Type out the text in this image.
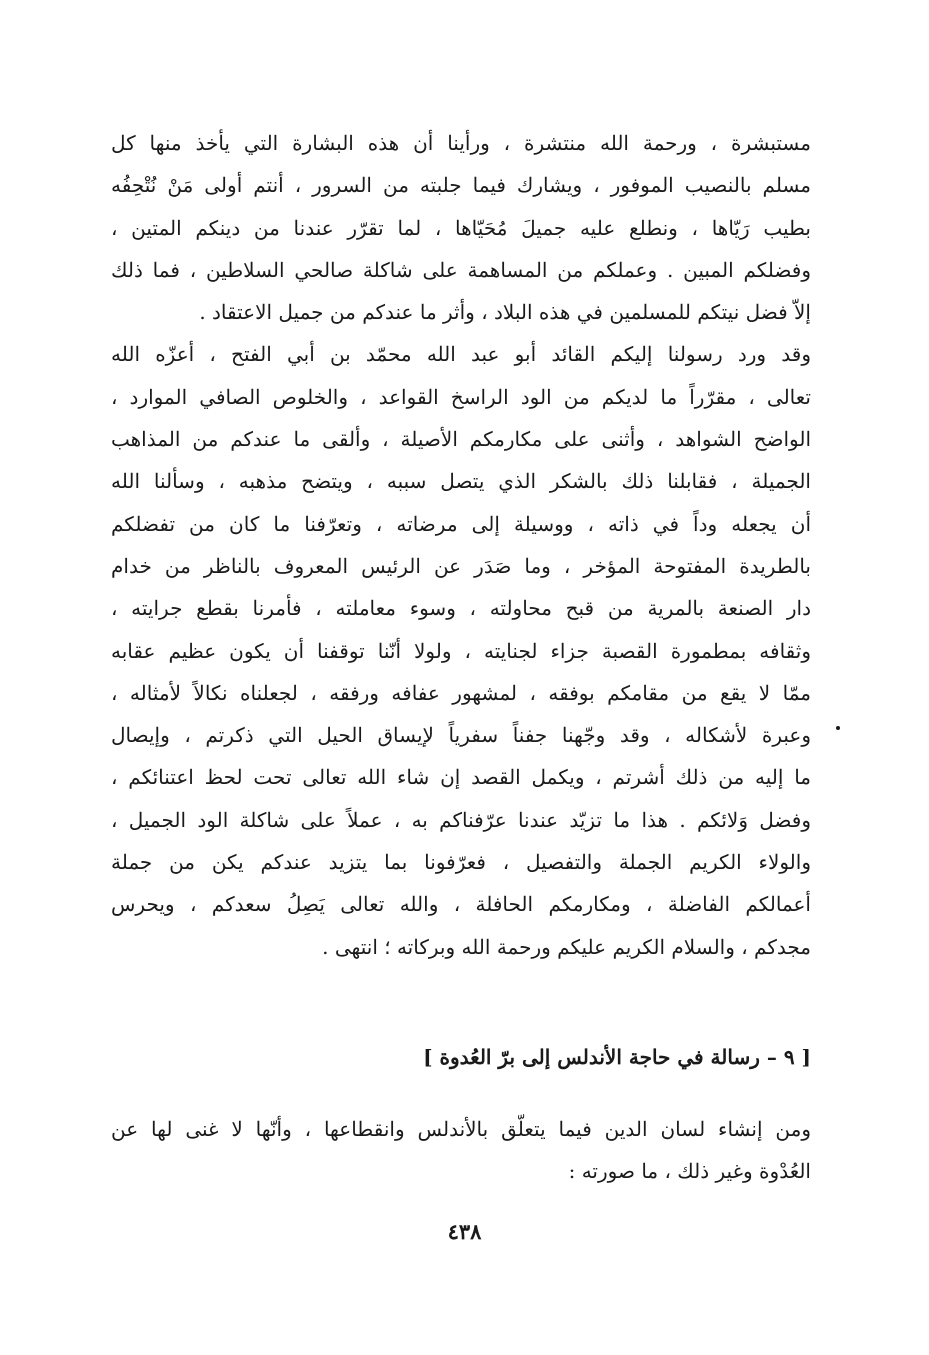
مستبشرة ، ورحمة الله منتشرة ، ورأينا أن هذه البشارة التي يأخذ منها كل
مسلم بالنصيب الموفور ، ويشارك فيما جلبته من السرور ، أنتم أولى مَنْ نُتْحِفُه
بطيب رَيّاها ، ونطلع عليه جميلَ مُحَيّاها ، لما تقرّر عندنا من دينكم المتين ،
وفضلكم المبين . وعملكم من المساهمة على شاكلة صالحي السلاطين ، فما ذلك
إلاّ فضل نيتكم للمسلمين في هذه البلاد ، وأثر ما عندكم من جميل الاعتقاد .
وقد ورد رسولنا إليكم القائد أبو عبد الله محمّد بن أبي الفتح ، أعزّه الله
تعالى ، مقرّراً ما لديكم من الود الراسخ القواعد ، والخلوص الصافي الموارد ،
الواضح الشواهد ، وأثنى على مكارمكم الأصيلة ، وألقى ما عندكم من المذاهب
الجميلة ، فقابلنا ذلك بالشكر الذي يتصل سببه ، ويتضح مذهبه ، وسألنا الله
أن يجعله وداً في ذاته ، ووسيلة إلى مرضاته ، وتعرّفنا ما كان من تفضلكم
بالطريدة المفتوحة المؤخر ، وما صَدَر عن الرئيس المعروف بالناظر من خدام
دار الصنعة بالمرية من قبح محاولته ، وسوء معاملته ، فأمرنا بقطع جرايته ،
وثقافه بمطمورة القصبة جزاء لجنايته ، ولولا أنّنا توقفنا أن يكون عظيم عقابه
ممّا لا يقع من مقامكم بوفقه ، لمشهور عفافه ورفقه ، لجعلناه نكالاً لأمثاله ،
وعبرة لأشكاله ، وقد وجّهنا جفناً سفرياً لإيساق الحيل التي ذكرتم ، وإيصال
ما إليه من ذلك أشرتم ، ويكمل القصد إن شاء الله تعالى تحت لحظ اعتنائكم ،
وفضل وَلائكم . هذا ما تزيّد عندنا عرّفناكم به ، عملاً على شاكلة الود الجميل ،
والولاء الكريم الجملة والتفصيل ، فعرّفونا بما يتزيد عندكم يكن من جملة
أعمالكم الفاضلة ، ومكارمكم الحافلة ، والله تعالى يَصِلُ سعدكم ، ويحرس
مجدكم ، والسلام الكريم عليكم ورحمة الله وبركاته ؛ انتهى .
[ ٩ – رسالة في حاجة الأندلس إلى برّ العُدوة ]
ومن إنشاء لسان الدين فيما يتعلّق بالأندلس وانقطاعها ، وأنّها لا غنى لها عن
العُدْوة وغير ذلك ، ما صورته :
٤٣٨
